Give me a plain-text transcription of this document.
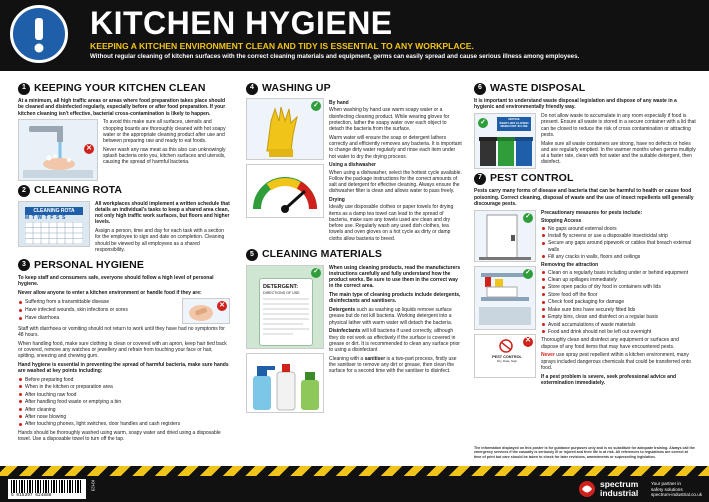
KITCHEN HYGIENE
KEEPING A KITCHEN ENVIRONMENT CLEAN AND TIDY IS ESSENTIAL TO ANY WORKPLACE.
Without regular cleaning of kitchen surfaces with the correct cleaning materials and equipment, germs can easily spread and cause serious illness among employees.
1 KEEPING YOUR KITCHEN CLEAN

At a minimum, all high traffic areas or areas where food preparation takes place should be cleaned and disinfected regularly, especially before or after food preparation. If your kitchen cleaning isn't effective, bacterial cross-contamination is likely to happen.

✕

To avoid this make sure all surfaces, utensils and chopping boards are thoroughly cleaned with hot soapy water or the appropriate cleaning product after use and between preparing raw and ready to eat foods.

Never wash any raw meat as this also can unknowingly splash bacteria onto you, kitchen surfaces and utensils, causing the spread of harmful bacteria.

2 CLEANING ROTA
CLEANING ROTA
MTWTFSS

All workplaces should implement a written schedule that details an individual's tasks to keep a shared area clean, not only high traffic work surfaces, but floors and higher levels.

Assign a person, time and day for each task with a section for the employee to sign and date on completion. Cleaning should be viewed by all employees as a shared responsibility.

3 PERSONAL HYGIENE

To keep staff and consumers safe, everyone should follow a high level of personal hygiene.

Never allow anyone to enter a kitchen environment or handle food if they are:

Suffering from a transmittable disease
Have infected wounds, skin infections or sores
Have diarrhoea
✕

Staff with diarrhoea or vomiting should not return to work until they have had no symptoms for 48 hours.

When handling food, make sure clothing is clean or covered with an apron, keep hair tied back or covered, remove any watches or jewellery and refrain from touching your face or hair, spitting, sneezing and chewing gum.

Hand hygiene is essential in preventing the spread of harmful bacteria, make sure hands are washed at key points including:

Before preparing food
When in the kitchen or preparation area
After touching raw food
After handling food waste or emptying a bin
After cleaning
After nose blowing
After touching phones, light switches, door handles and cash registers

Hands should be thoroughly washed using warm, soapy water and dried using a disposable towel. Use a disposable towel to turn off the tap.

4 WASHING UP
✓	By hand

When washing by hand use warm soapy water or a disinfecting cleaning product. While wearing gloves for protection, lather the soapy water over each object to detach the bacteria from the surface.

Warm water will ensure the soap or detergent lathers correctly and efficiently removes any bacteria. It is important to change dirty water regularly and rinse each item under hot water to dry the drying process.

Using a dishwasher

When using a dishwasher, select the hottest cycle available. Follow the package instructions for the correct amounts of salt and detergent for effective cleaning. Always ensure the dishwasher filter is clean and allows water to pass freely.

Drying

Ideally use disposable clothes or paper towels for drying items as a damp tea towel can lead to the spread of bacteria, make sure any towels used are clean and dry before use. Regularly wash any used dish clothes, tea towels and oven gloves on a hot cycle as dirty or damp cloths allow bacteria to breed.

5 CLEANING MATERIALS
DETERGENT:
DIRECTIONS OF USE
✓

When using cleaning products, read the manufacturers instructions carefully and fully understand how the product works. Be sure to use them in the correct way in the correct area.

The main type of cleaning products include detergents, disinfectants and sanitisers.

Detergents such as washing up liquids remove surface grease but do not kill bacteria. Working detergent into a physical lather with warm water will detach the bacteria.

Disinfectants will kill bacteria if used correctly, although they do not work as effectively if the surface is covered in grease or dirt. It is recommended to clean any surface prior to using a disinfectant

Cleaning with a sanitiser is a two-part process, firstly use the sanitiser to remove any dirt or grease, then clean the surface for a second time with the sanitiser to disinfect.

6 WASTE DISPOSAL

It is important to understand waste disposal legislation and dispose of any waste in a hygienic and environmentally friendly way.

NOTICE
KEEP LIDS CLOSED WHEN NOT IN USE
✓

Do not allow waste to accumulate in any room especially if food is present. Ensure all waste is stored in a secure container with a lid that can be closed to reduce the risk of cross contamination or attracting pests.

Make sure all waste containers are strong, have no defects or holes and are regularly emptied. In the warmer months when germs multiply at a faster rate, clean with hot water and the suitable detergent, then disinfect.

7 PEST CONTROL

Pests carry many forms of disease and bacteria that can be harmful to health or cause food poisoning. Correct cleaning, disposal of waste and the use of insect repellents will generally discourage pests.

✓
✓
PEST CONTROL
Dry, Date, Sign
✕

Precautionary measures for pests include:

Stopping Access

No gaps around external doors
Install fly screens or use a disposable insecticidal strip
Secure any gaps around pipework or cables that breach external walls
Fill any cracks in walls, floors and ceilings

Removing the attraction

Clean on a regularly basis including under or behind equipment
Clean up spillages immediately
Store open packs of dry food in containers with lids
Store food off the floor
Check food packaging for damage
Make sure bins have securely fitted lids
Empty bins, clean and disinfect on a regular basis
Avoid accumulations of waste materials
Food and drink should not be left out overnight

Thoroughly clean and disinfect any equipment or surfaces and dispose of any food items that may have encountered pests.

Never use spray pest repellent within a kitchen environment, many sprays included dangerous chemicals that could be transferred onto food.

If a pest problem is severe, seek professional advice and extermination immediately.

The information displayed on this poster is for guidance purposes only and is no substitute for adequate training. Always call the emergency services if the casualty is seriously ill or injured and their life is at risk. All references to regulations are correct at time of print but care should be taken to check for later revisions, amendments or superseding legislation.
5 015397 624888
KH23	spectrum
industrial
Your partner in
safety solutions
spectrum-industrial.co.uk
